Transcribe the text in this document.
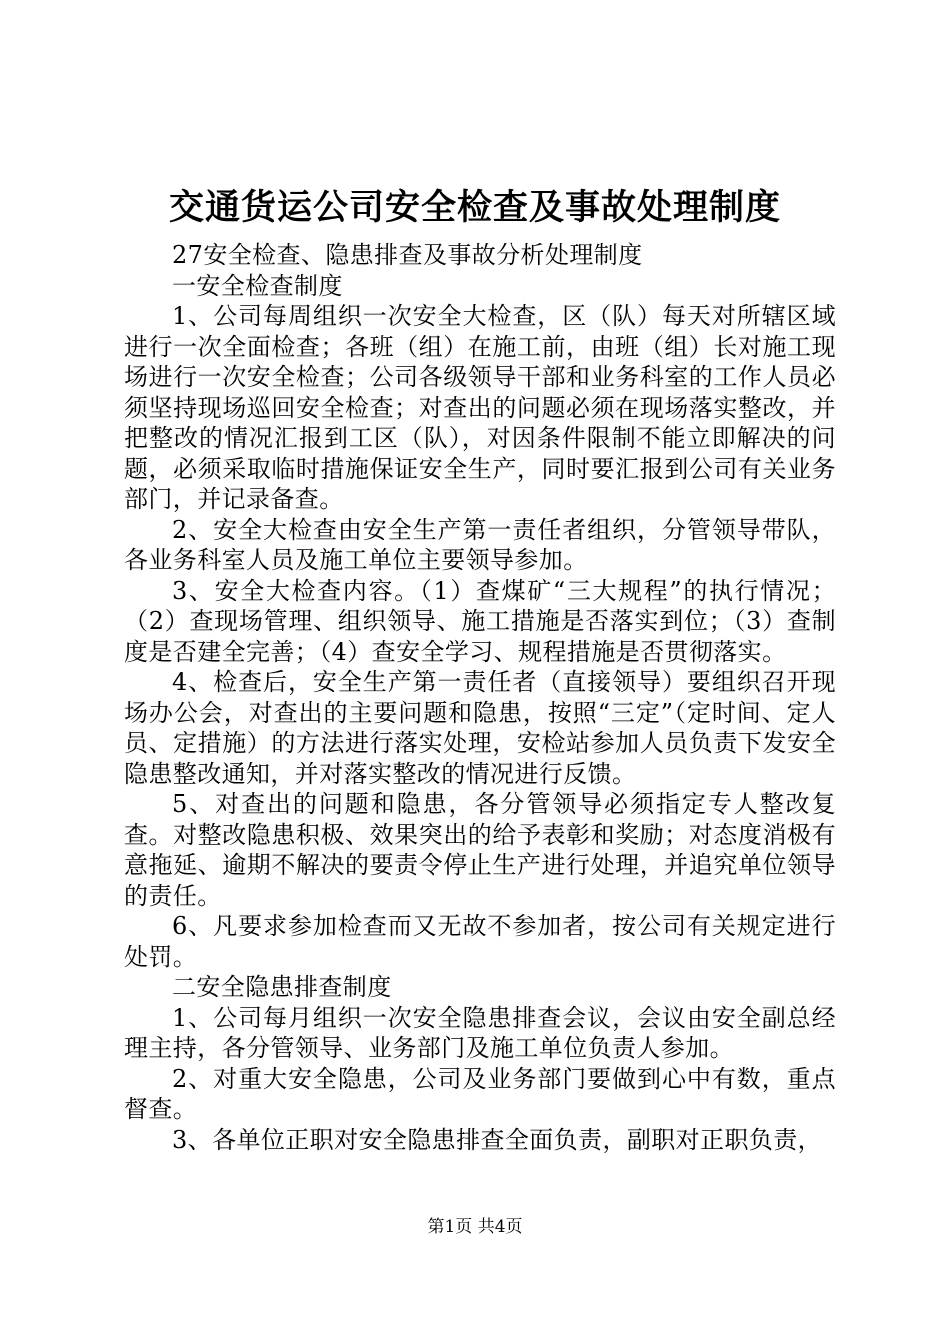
交通货运公司安全检查及事故处理制度

27安全检查、隐患排查及事故分析处理制度

一安全检查制度

1、公司每周组织一次安全大检查，区（队）每天对所辖区域进行一次全面检查；各班（组）在施工前，由班（组）长对施工现场进行一次安全检查；公司各级领导干部和业务科室的工作人员必须坚持现场巡回安全检查；对查出的问题必须在现场落实整改，并把整改的情况汇报到工区（队），对因条件限制不能立即解决的问题，必须采取临时措施保证安全生产，同时要汇报到公司有关业务部门，并记录备查。

2、安全大检查由安全生产第一责任者组织，分管领导带队，各业务科室人员及施工单位主要领导参加。

3、安全大检查内容。（1）查煤矿“三大规程”的执行情况；（2）查现场管理、组织领导、施工措施是否落实到位；（3）查制度是否建全完善；（4）查安全学习、规程措施是否贯彻落实。

4、检查后，安全生产第一责任者（直接领导）要组织召开现场办公会，对查出的主要问题和隐患，按照“三定”（定时间、定人员、定措施）的方法进行落实处理，安检站参加人员负责下发安全隐患整改通知，并对落实整改的情况进行反馈。

5、对查出的问题和隐患，各分管领导必须指定专人整改复查。对整改隐患积极、效果突出的给予表彰和奖励；对态度消极有意拖延、逾期不解决的要责令停止生产进行处理，并追究单位领导的责任。

6、凡要求参加检查而又无故不参加者，按公司有关规定进行处罚。

二安全隐患排查制度

1、公司每月组织一次安全隐患排查会议，会议由安全副总经理主持，各分管领导、业务部门及施工单位负责人参加。

2、对重大安全隐患，公司及业务部门要做到心中有数，重点督查。

3、各单位正职对安全隐患排查全面负责，副职对正职负责，

第1页 共4页
